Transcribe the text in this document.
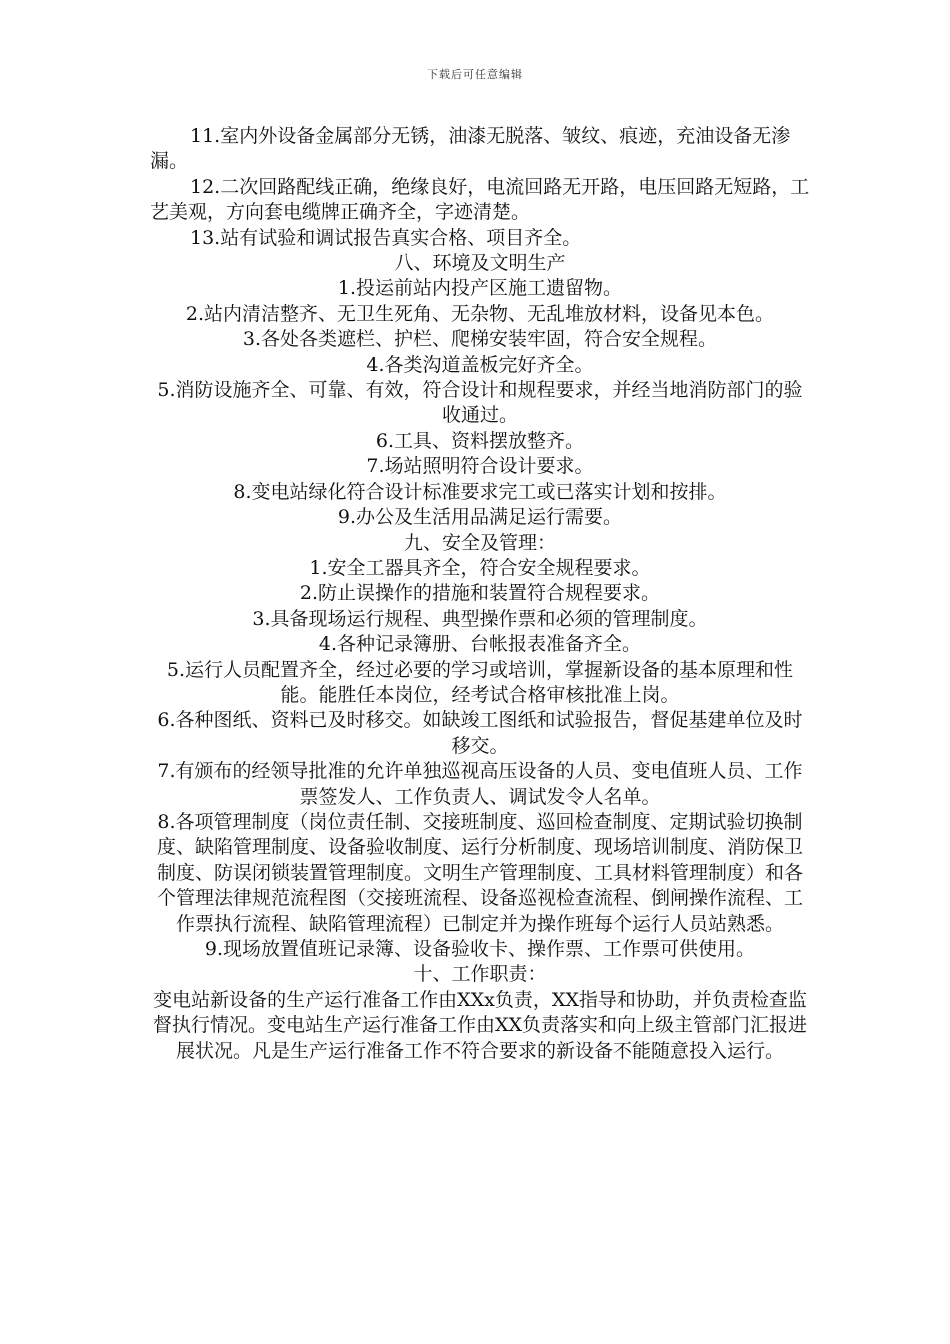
下载后可任意编辑

11.室内外设备金属部分无锈，油漆无脱落、皱纹、痕迹，充油设备无渗漏。

12.二次回路配线正确，绝缘良好，电流回路无开路，电压回路无短路，工艺美观，方向套电缆牌正确齐全，字迹清楚。

13.站有试验和调试报告真实合格、项目齐全。

八、环境及文明生产

1.投运前站内投产区施工遗留物。

2.站内清洁整齐、无卫生死角、无杂物、无乱堆放材料，设备见本色。

3.各处各类遮栏、护栏、爬梯安装牢固，符合安全规程。

4.各类沟道盖板完好齐全。

5.消防设施齐全、可靠、有效，符合设计和规程要求，并经当地消防部门的验收通过。

6.工具、资料摆放整齐。

7.场站照明符合设计要求。

8.变电站绿化符合设计标准要求完工或已落实计划和按排。

9.办公及生活用品满足运行需要。

九、安全及管理：

1.安全工器具齐全，符合安全规程要求。

2.防止误操作的措施和装置符合规程要求。

3.具备现场运行规程、典型操作票和必须的管理制度。

4.各种记录簿册、台帐报表准备齐全。

5.运行人员配置齐全，经过必要的学习或培训，掌握新设备的基本原理和性能。能胜任本岗位，经考试合格审核批准上岗。

6.各种图纸、资料已及时移交。如缺竣工图纸和试验报告，督促基建单位及时移交。

7.有颁布的经领导批准的允许单独巡视高压设备的人员、变电值班人员、工作票签发人、工作负责人、调试发令人名单。

8.各项管理制度（岗位责任制、交接班制度、巡回检查制度、定期试验切换制度、缺陷管理制度、设备验收制度、运行分析制度、现场培训制度、消防保卫制度、防误闭锁装置管理制度。文明生产管理制度、工具材料管理制度）和各个管理法律规范流程图（交接班流程、设备巡视检查流程、倒闸操作流程、工作票执行流程、缺陷管理流程）已制定并为操作班每个运行人员站熟悉。

9.现场放置值班记录簿、设备验收卡、操作票、工作票可供使用。

十、工作职责：

变电站新设备的生产运行准备工作由XXx负责，XX指导和协助，并负责检查监督执行情况。变电站生产运行准备工作由XX负责落实和向上级主管部门汇报进展状况。凡是生产运行准备工作不符合要求的新设备不能随意投入运行。
